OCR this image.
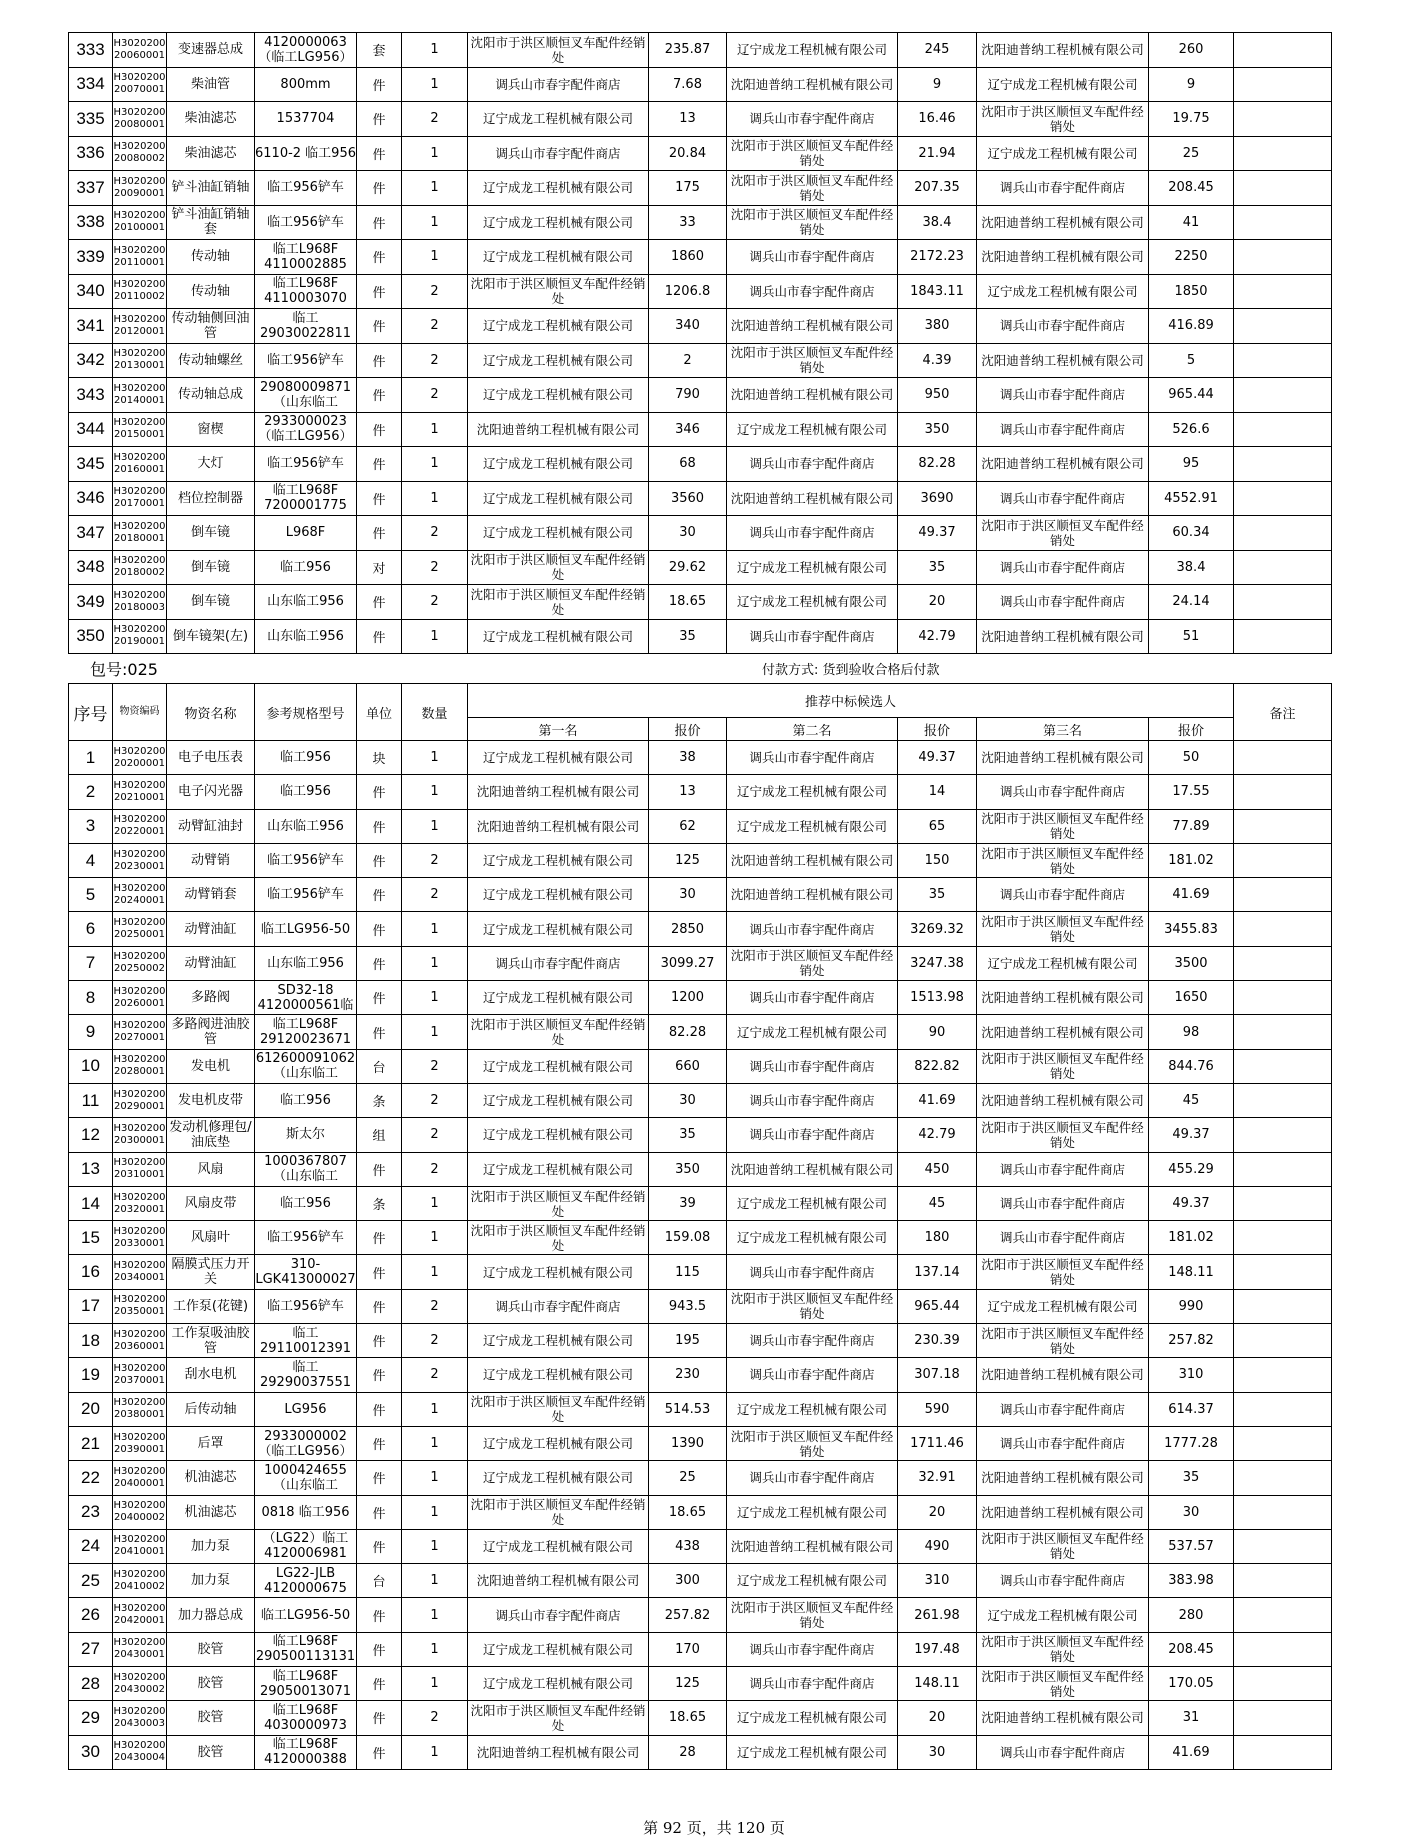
333	H3020200 20060001	变速器总成	4120000063（临工LG956）	套	1	沈阳市于洪区顺恒叉车配件经销处	235.87	辽宁成龙工程机械有限公司	245	沈阳迪普纳工程机械有限公司	260	
334	H3020200 20070001	柴油管	800mm	件	1	调兵山市春宇配件商店	7.68	沈阳迪普纳工程机械有限公司	9	辽宁成龙工程机械有限公司	9	
335	H3020200 20080001	柴油滤芯	1537704	件	2	辽宁成龙工程机械有限公司	13	调兵山市春宇配件商店	16.46	沈阳市于洪区顺恒叉车配件经销处	19.75	
336	H3020200 20080002	柴油滤芯	6110-2 临工956	件	1	调兵山市春宇配件商店	20.84	沈阳市于洪区顺恒叉车配件经销处	21.94	辽宁成龙工程机械有限公司	25	
337	H3020200 20090001	铲斗油缸销轴	临工956铲车	件	1	辽宁成龙工程机械有限公司	175	沈阳市于洪区顺恒叉车配件经销处	207.35	调兵山市春宇配件商店	208.45	
338	H3020200 20100001	铲斗油缸销轴套	临工956铲车	件	1	辽宁成龙工程机械有限公司	33	沈阳市于洪区顺恒叉车配件经销处	38.4	沈阳迪普纳工程机械有限公司	41	
339	H3020200 20110001	传动轴	临工L968F 4110002885	件	1	辽宁成龙工程机械有限公司	1860	调兵山市春宇配件商店	2172.23	沈阳迪普纳工程机械有限公司	2250	
340	H3020200 20110002	传动轴	临工L968F 4110003070	件	2	沈阳市于洪区顺恒叉车配件经销处	1206.8	调兵山市春宇配件商店	1843.11	辽宁成龙工程机械有限公司	1850	
341	H3020200 20120001	传动轴侧回油管	临工 29030022811	件	2	辽宁成龙工程机械有限公司	340	沈阳迪普纳工程机械有限公司	380	调兵山市春宇配件商店	416.89	
342	H3020200 20130001	传动轴螺丝	临工956铲车	件	2	辽宁成龙工程机械有限公司	2	沈阳市于洪区顺恒叉车配件经销处	4.39	沈阳迪普纳工程机械有限公司	5	
343	H3020200 20140001	传动轴总成	29080009871（山东临工	件	2	辽宁成龙工程机械有限公司	790	沈阳迪普纳工程机械有限公司	950	调兵山市春宇配件商店	965.44	
344	H3020200 20150001	窗楔	2933000023（临工LG956）	件	1	沈阳迪普纳工程机械有限公司	346	辽宁成龙工程机械有限公司	350	调兵山市春宇配件商店	526.6	
345	H3020200 20160001	大灯	临工956铲车	件	1	辽宁成龙工程机械有限公司	68	调兵山市春宇配件商店	82.28	沈阳迪普纳工程机械有限公司	95	
346	H3020200 20170001	档位控制器	临工L968F 7200001775	件	1	辽宁成龙工程机械有限公司	3560	沈阳迪普纳工程机械有限公司	3690	调兵山市春宇配件商店	4552.91	
347	H3020200 20180001	倒车镜	L968F	件	2	辽宁成龙工程机械有限公司	30	调兵山市春宇配件商店	49.37	沈阳市于洪区顺恒叉车配件经销处	60.34	
348	H3020200 20180002	倒车镜	临工956	对	2	沈阳市于洪区顺恒叉车配件经销处	29.62	辽宁成龙工程机械有限公司	35	调兵山市春宇配件商店	38.4	
349	H3020200 20180003	倒车镜	山东临工956	件	2	沈阳市于洪区顺恒叉车配件经销处	18.65	辽宁成龙工程机械有限公司	20	调兵山市春宇配件商店	24.14	
350	H3020200 20190001	倒车镜架(左)	山东临工956	件	1	辽宁成龙工程机械有限公司	35	调兵山市春宇配件商店	42.79	沈阳迪普纳工程机械有限公司	51	
包号:025	付款方式: 货到验收合格后付款
序号	物资编码	物资名称	参考规格型号	单位	数量	推荐中标候选人						备注
						第一名	报价	第二名	报价	第三名	报价	
1	H3020200 20200001	电子电压表	临工956	块	1	辽宁成龙工程机械有限公司	38	调兵山市春宇配件商店	49.37	沈阳迪普纳工程机械有限公司	50	
2	H3020200 20210001	电子闪光器	临工956	件	1	沈阳迪普纳工程机械有限公司	13	辽宁成龙工程机械有限公司	14	调兵山市春宇配件商店	17.55	
3	H3020200 20220001	动臂缸油封	山东临工956	件	1	沈阳迪普纳工程机械有限公司	62	辽宁成龙工程机械有限公司	65	沈阳市于洪区顺恒叉车配件经销处	77.89	
4	H3020200 20230001	动臂销	临工956铲车	件	2	辽宁成龙工程机械有限公司	125	沈阳迪普纳工程机械有限公司	150	沈阳市于洪区顺恒叉车配件经销处	181.02	
5	H3020200 20240001	动臂销套	临工956铲车	件	2	辽宁成龙工程机械有限公司	30	沈阳迪普纳工程机械有限公司	35	调兵山市春宇配件商店	41.69	
6	H3020200 20250001	动臂油缸	临工LG956-50	件	1	辽宁成龙工程机械有限公司	2850	调兵山市春宇配件商店	3269.32	沈阳市于洪区顺恒叉车配件经销处	3455.83	
7	H3020200 20250002	动臂油缸	山东临工956	件	1	调兵山市春宇配件商店	3099.27	沈阳市于洪区顺恒叉车配件经销处	3247.38	辽宁成龙工程机械有限公司	3500	
8	H3020200 20260001	多路阀	SD32-18 4120000561临	件	1	辽宁成龙工程机械有限公司	1200	调兵山市春宇配件商店	1513.98	沈阳迪普纳工程机械有限公司	1650	
9	H3020200 20270001	多路阀进油胶管	临工L968F 29120023671	件	1	沈阳市于洪区顺恒叉车配件经销处	82.28	辽宁成龙工程机械有限公司	90	沈阳迪普纳工程机械有限公司	98	
10	H3020200 20280001	发电机	612600091062（山东临工	台	2	辽宁成龙工程机械有限公司	660	调兵山市春宇配件商店	822.82	沈阳市于洪区顺恒叉车配件经销处	844.76	
11	H3020200 20290001	发电机皮带	临工956	条	2	辽宁成龙工程机械有限公司	30	调兵山市春宇配件商店	41.69	沈阳迪普纳工程机械有限公司	45	
12	H3020200 20300001	发动机修理包/油底垫	斯太尔	组	2	辽宁成龙工程机械有限公司	35	调兵山市春宇配件商店	42.79	沈阳市于洪区顺恒叉车配件经销处	49.37	
13	H3020200 20310001	风扇	1000367807（山东临工	件	2	辽宁成龙工程机械有限公司	350	沈阳迪普纳工程机械有限公司	450	调兵山市春宇配件商店	455.29	
14	H3020200 20320001	风扇皮带	临工956	条	1	沈阳市于洪区顺恒叉车配件经销处	39	辽宁成龙工程机械有限公司	45	调兵山市春宇配件商店	49.37	
15	H3020200 20330001	风扇叶	临工956铲车	件	1	沈阳市于洪区顺恒叉车配件经销处	159.08	辽宁成龙工程机械有限公司	180	调兵山市春宇配件商店	181.02	
16	H3020200 20340001	隔膜式压力开关	310-LGK413000027	件	1	辽宁成龙工程机械有限公司	115	调兵山市春宇配件商店	137.14	沈阳市于洪区顺恒叉车配件经销处	148.11	
17	H3020200 20350001	工作泵(花键)	临工956铲车	件	2	调兵山市春宇配件商店	943.5	沈阳市于洪区顺恒叉车配件经销处	965.44	辽宁成龙工程机械有限公司	990	
18	H3020200 20360001	工作泵吸油胶管	临工 29110012391	件	2	辽宁成龙工程机械有限公司	195	调兵山市春宇配件商店	230.39	沈阳市于洪区顺恒叉车配件经销处	257.82	
19	H3020200 20370001	刮水电机	临工 29290037551	件	2	辽宁成龙工程机械有限公司	230	调兵山市春宇配件商店	307.18	沈阳迪普纳工程机械有限公司	310	
20	H3020200 20380001	后传动轴	LG956	件	1	沈阳市于洪区顺恒叉车配件经销处	514.53	辽宁成龙工程机械有限公司	590	调兵山市春宇配件商店	614.37	
21	H3020200 20390001	后罩	2933000002（临工LG956）	件	1	辽宁成龙工程机械有限公司	1390	沈阳市于洪区顺恒叉车配件经销处	1711.46	调兵山市春宇配件商店	1777.28	
22	H3020200 20400001	机油滤芯	1000424655（山东临工	件	1	辽宁成龙工程机械有限公司	25	调兵山市春宇配件商店	32.91	沈阳迪普纳工程机械有限公司	35	
23	H3020200 20400002	机油滤芯	0818 临工956	件	1	沈阳市于洪区顺恒叉车配件经销处	18.65	辽宁成龙工程机械有限公司	20	沈阳迪普纳工程机械有限公司	30	
24	H3020200 20410001	加力泵	（LG22）临工 4120006981	件	1	辽宁成龙工程机械有限公司	438	沈阳迪普纳工程机械有限公司	490	沈阳市于洪区顺恒叉车配件经销处	537.57	
25	H3020200 20410002	加力泵	LG22-JLB 4120000675	台	1	沈阳迪普纳工程机械有限公司	300	辽宁成龙工程机械有限公司	310	调兵山市春宇配件商店	383.98	
26	H3020200 20420001	加力器总成	临工LG956-50	件	1	调兵山市春宇配件商店	257.82	沈阳市于洪区顺恒叉车配件经销处	261.98	辽宁成龙工程机械有限公司	280	
27	H3020200 20430001	胶管	临工L968F 290500113131	件	1	辽宁成龙工程机械有限公司	170	调兵山市春宇配件商店	197.48	沈阳市于洪区顺恒叉车配件经销处	208.45	
28	H3020200 20430002	胶管	临工L968F 29050013071	件	1	辽宁成龙工程机械有限公司	125	调兵山市春宇配件商店	148.11	沈阳市于洪区顺恒叉车配件经销处	170.05	
29	H3020200 20430003	胶管	临工L968F 4030000973	件	2	沈阳市于洪区顺恒叉车配件经销处	18.65	辽宁成龙工程机械有限公司	20	沈阳迪普纳工程机械有限公司	31	
30	H3020200 20430004	胶管	临工L968F 4120000388	件	1	沈阳迪普纳工程机械有限公司	28	辽宁成龙工程机械有限公司	30	调兵山市春宇配件商店	41.69	
第 92 页，共 120 页
